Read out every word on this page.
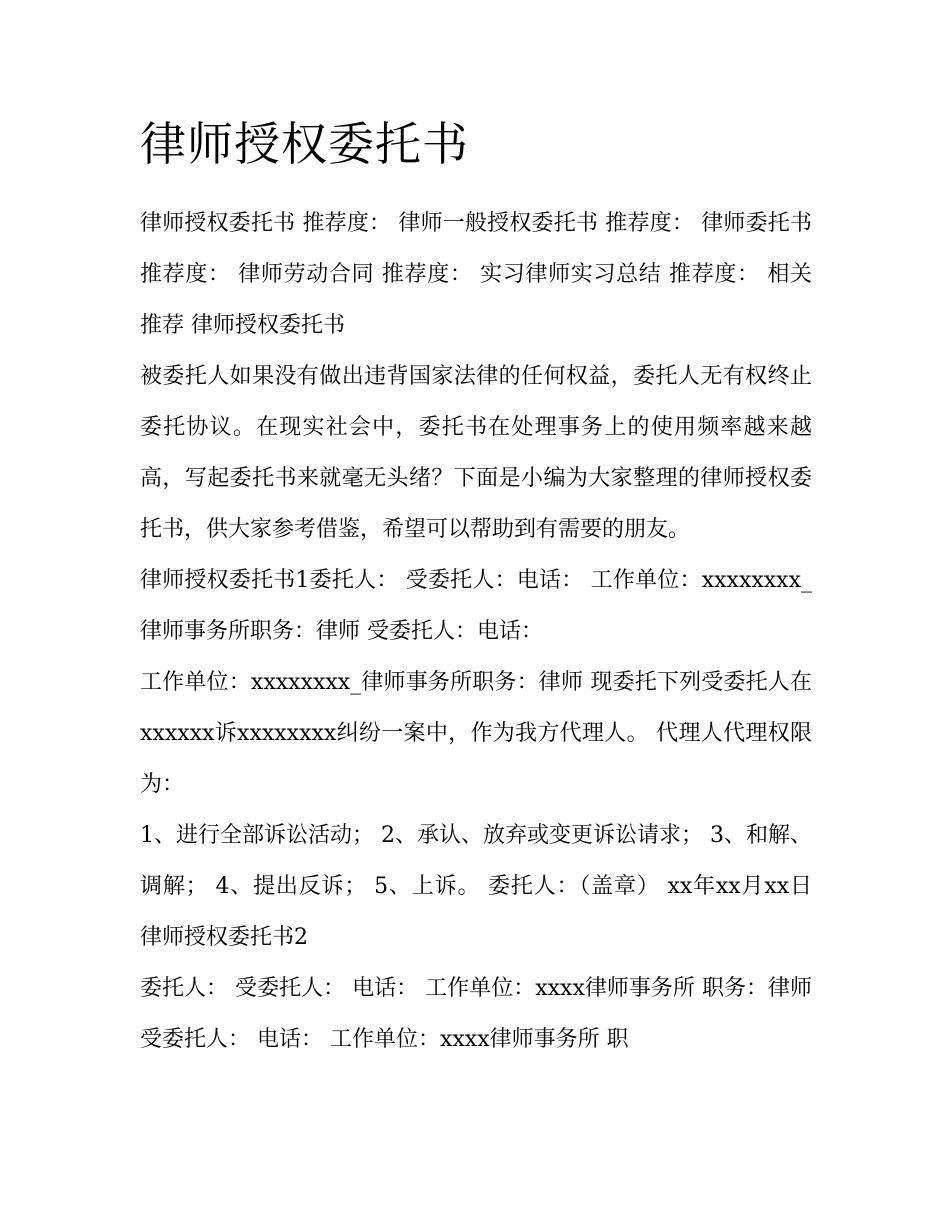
律师授权委托书

律师授权委托书 推荐度： 律师一般授权委托书 推荐度： 律师委托书 推荐度： 律师劳动合同 推荐度： 实习律师实习总结 推荐度： 相关推荐 律师授权委托书

被委托人如果没有做出违背国家法律的任何权益，委托人无有权终止委托协议。在现实社会中，委托书在处理事务上的使用频率越来越高，写起委托书来就毫无头绪？下面是小编为大家整理的律师授权委托书，供大家参考借鉴，希望可以帮助到有需要的朋友。

律师授权委托书1委托人： 受委托人：电话： 工作单位：xxxxxxxx_律师事务所职务：律师 受委托人：电话：

工作单位：xxxxxxxx_律师事务所职务：律师 现委托下列受委托人在xxxxxx诉xxxxxxxx纠纷一案中，作为我方代理人。 代理人代理权限为：

1、进行全部诉讼活动； 2、承认、放弃或变更诉讼请求； 3、和解、调解； 4、提出反诉； 5、上诉。 委托人：（盖章） xx年xx月xx日 律师授权委托书2

委托人： 受委托人： 电话： 工作单位：xxxx律师事务所 职务：律师 受委托人： 电话： 工作单位：xxxx律师事务所 职
